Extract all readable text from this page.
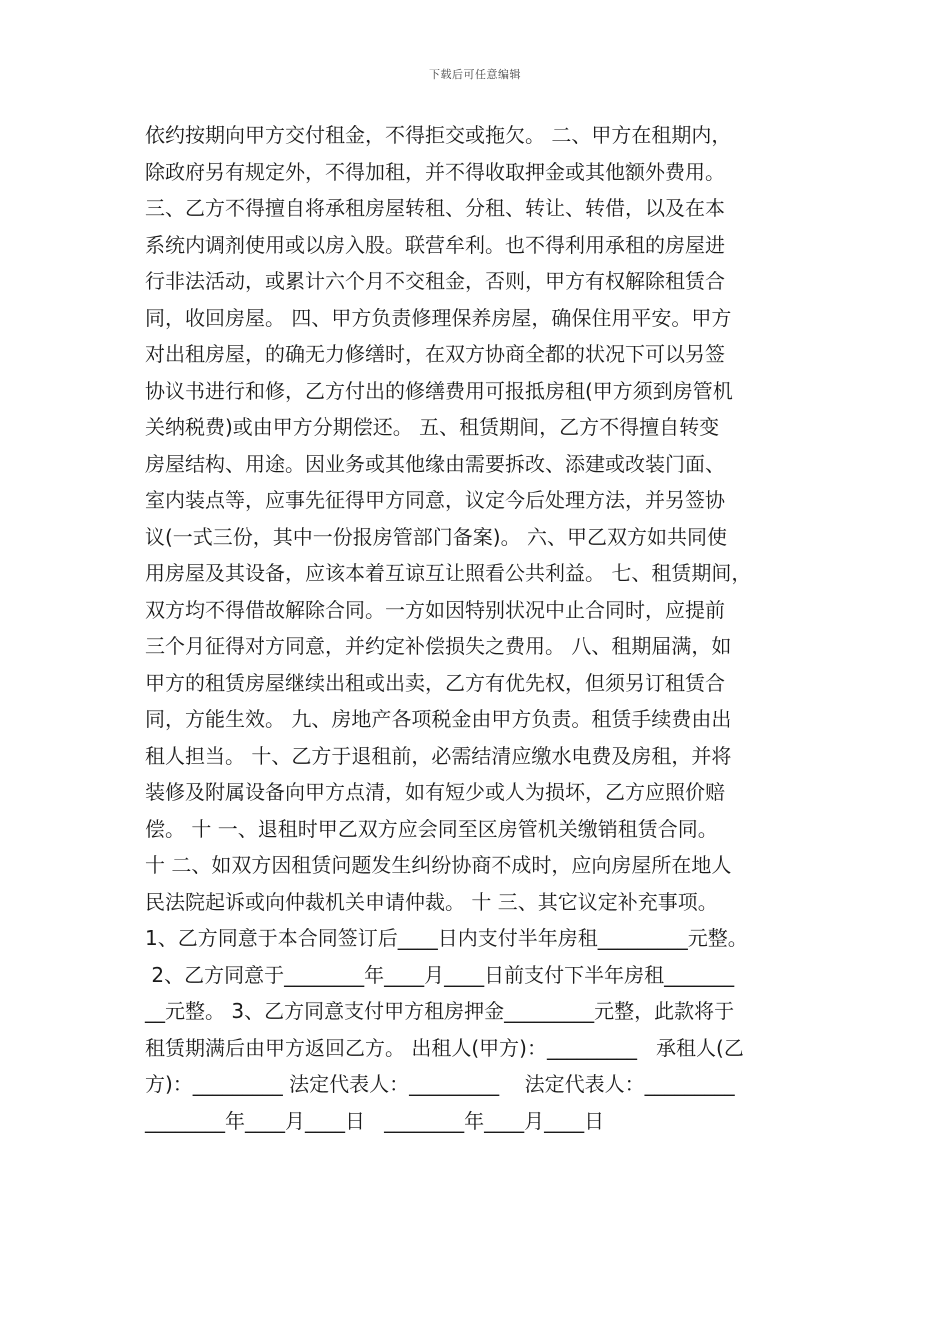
下载后可任意编辑
依约按期向甲方交付租金，不得拒交或拖欠。 二、甲方在租期内，
除政府另有规定外，不得加租，并不得收取押金或其他额外费用。
三、乙方不得擅自将承租房屋转租、分租、转让、转借，以及在本
系统内调剂使用或以房入股。联营牟利。也不得利用承租的房屋进
行非法活动，或累计六个月不交租金，否则，甲方有权解除租赁合
同，收回房屋。 四、甲方负责修理保养房屋，确保住用平安。甲方
对出租房屋，的确无力修缮时，在双方协商全都的状况下可以另签
协议书进行和修，乙方付出的修缮费用可报抵房租(甲方须到房管机
关纳税费)或由甲方分期偿还。 五、租赁期间，乙方不得擅自转变
房屋结构、用途。因业务或其他缘由需要拆改、添建或改装门面、
室内装点等，应事先征得甲方同意，议定今后处理方法，并另签协
议(一式三份，其中一份报房管部门备案)。 六、甲乙双方如共同使
用房屋及其设备，应该本着互谅互让照看公共利益。 七、租赁期间，
双方均不得借故解除合同。一方如因特别状况中止合同时，应提前
三个月征得对方同意，并约定补偿损失之费用。 八、租期届满，如
甲方的租赁房屋继续出租或出卖，乙方有优先权，但须另订租赁合
同，方能生效。 九、房地产各项税金由甲方负责。租赁手续费由出
租人担当。 十、乙方于退租前，必需结清应缴水电费及房租，并将
装修及附属设备向甲方点清，如有短少或人为损坏，乙方应照价赔
偿。 十 一、退租时甲乙双方应会同至区房管机关缴销租赁合同。
十 二、如双方因租赁问题发生纠纷协商不成时，应向房屋所在地人
民法院起诉或向仲裁机关申请仲裁。 十 三、其它议定补充事项。
1、乙方同意于本合同签订后____日内支付半年房租_________元整。
2、乙方同意于________年____月____日前支付下半年房租_______
__元整。 3、乙方同意支付甲方租房押金_________元整，此款将于
租赁期满后由甲方返回乙方。 出租人(甲方)：_________   承租人(乙
方)：_________ 法定代表人：_________    法定代表人：_________
________年____月____日   ________年____月____日
